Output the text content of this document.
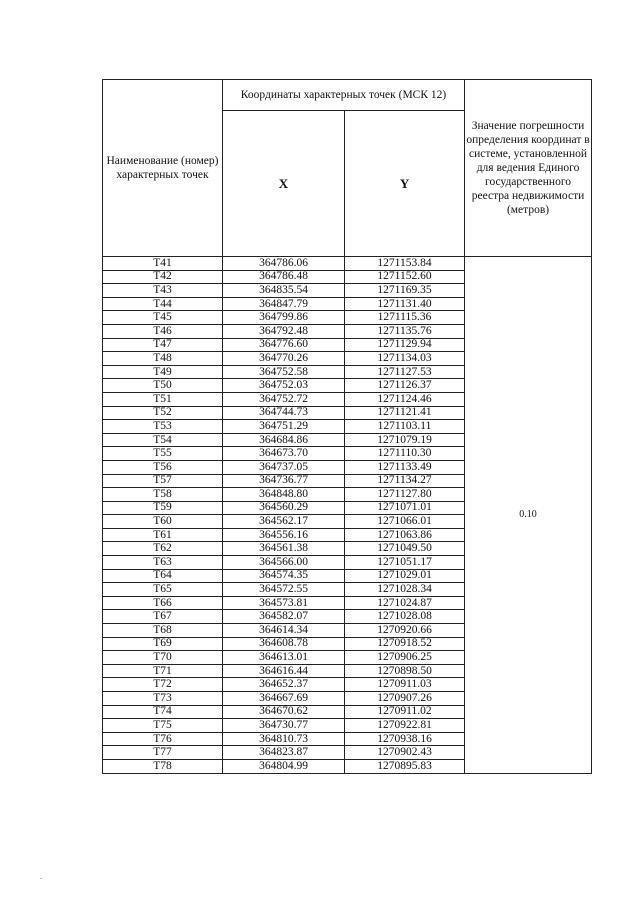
Наименование (номер) характерных точек	Координаты характерных точек (МСК 12)		Значение погрешности определения координат в системе, установленной для ведения Единого государственного реестра недвижимости (метров)
	X	Y	
T41	364786.06	1271153.84	0.10
T42	364786.48	1271152.60	
T43	364835.54	1271169.35	
T44	364847.79	1271131.40	
T45	364799.86	1271115.36	
T46	364792.48	1271135.76	
T47	364776.60	1271129.94	
T48	364770.26	1271134.03	
T49	364752.58	1271127.53	
T50	364752.03	1271126.37	
T51	364752.72	1271124.46	
T52	364744.73	1271121.41	
T53	364751.29	1271103.11	
T54	364684.86	1271079.19	
T55	364673.70	1271110.30	
T56	364737.05	1271133.49	
T57	364736.77	1271134.27	
T58	364848.80	1271127.80	
T59	364560.29	1271071.01	
T60	364562.17	1271066.01	
T61	364556.16	1271063.86	
T62	364561.38	1271049.50	
T63	364566.00	1271051.17	
T64	364574.35	1271029.01	
T65	364572.55	1271028.34	
T66	364573.81	1271024.87	
T67	364582.07	1271028.08	
T68	364614.34	1270920.66	
T69	364608.78	1270918.52	
T70	364613.01	1270906.25	
T71	364616.44	1270898.50	
T72	364652.37	1270911.03	
T73	364667.69	1270907.26	
T74	364670.62	1270911.02	
T75	364730.77	1270922.81	
T76	364810.73	1270938.16	
T77	364823.87	1270902.43	
T78	364804.99	1270895.83	
